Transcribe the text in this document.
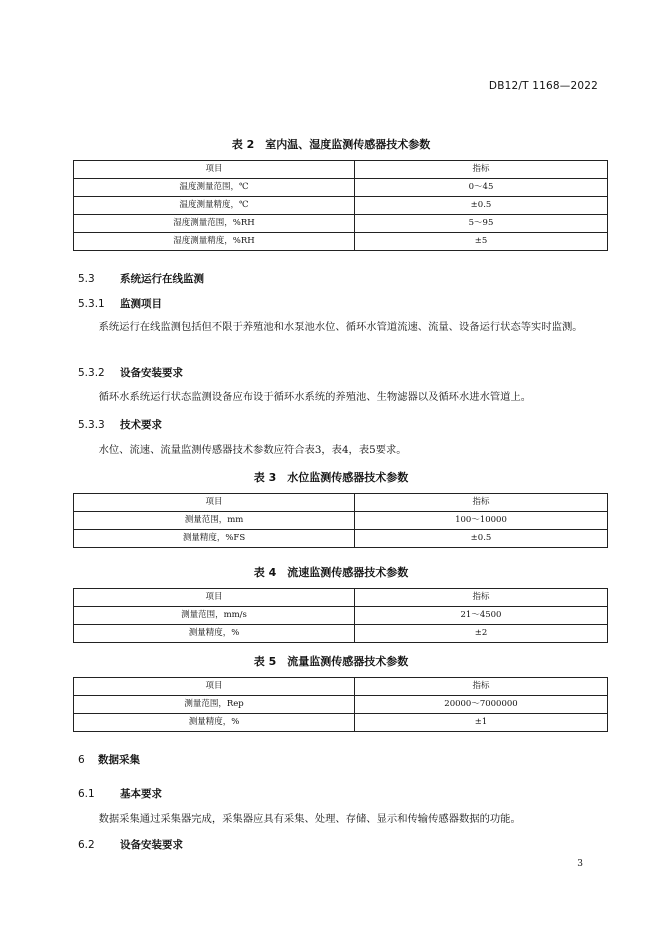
DB12/T 1168—2022
表 2　室内温、湿度监测传感器技术参数
项目	指标
温度测量范围，℃	0～45
温度测量精度，℃	±0.5
湿度测量范围，%RH	5～95
湿度测量精度，%RH	±5
5.3 系统运行在线监测
5.3.1 监测项目
系统运行在线监测包括但不限于养殖池和水泵池水位、循环水管道流速、流量、设备运行状态等实时监测。
5.3.2 设备安装要求
循环水系统运行状态监测设备应布设于循环水系统的养殖池、生物滤器以及循环水进水管道上。
5.3.3 技术要求
水位、流速、流量监测传感器技术参数应符合表3，表4，表5要求。
表 3　水位监测传感器技术参数
项目	指标
测量范围，mm	100～10000
测量精度，%FS	±0.5
表 4　流速监测传感器技术参数
项目	指标
测量范围，mm/s	21～4500
测量精度，%	±2
表 5　流量监测传感器技术参数
项目	指标
测量范围，Rep	20000～7000000
测量精度，%	±1
6 数据采集
6.1 基本要求
数据采集通过采集器完成，采集器应具有采集、处理、存储、显示和传输传感器数据的功能。
6.2 设备安装要求
3
